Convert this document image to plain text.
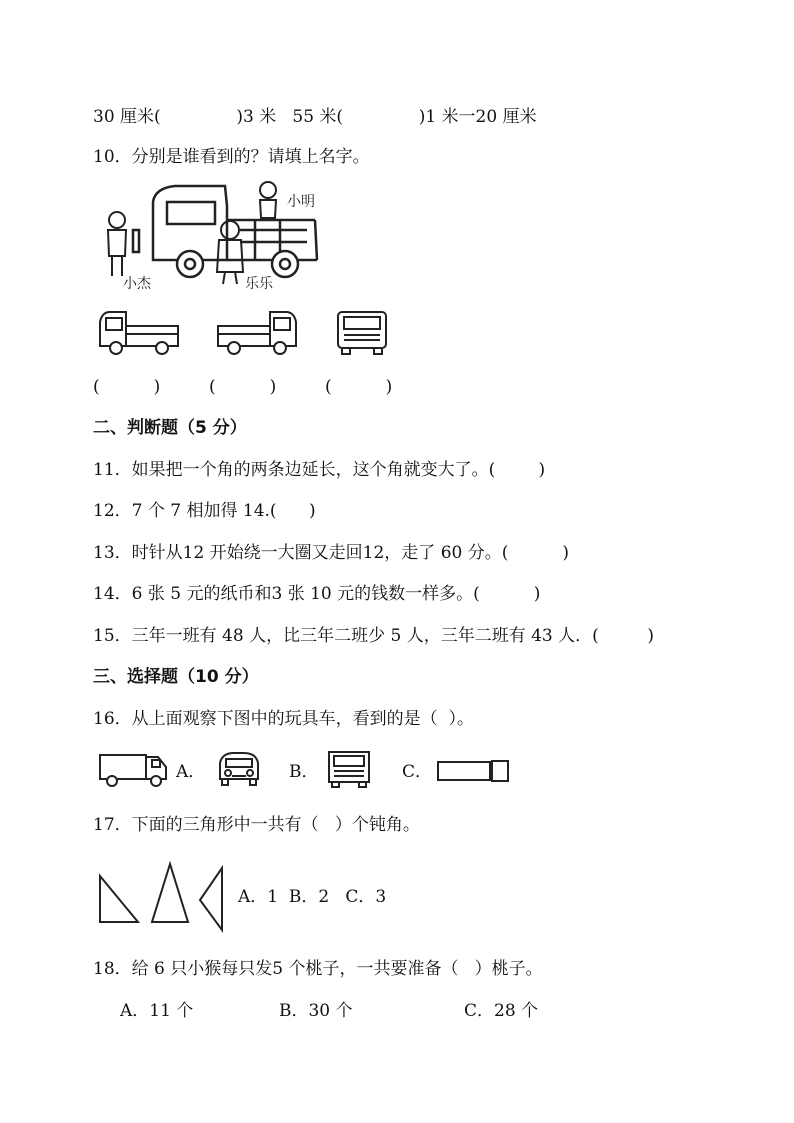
30 厘米(              )3 米   55 米(              )1 米一20 厘米
10．分别是谁看到的？请填上名字。
小明
小杰	乐乐
(          )	(          )	(          )
二、判断题（5 分）
11．如果把一个角的两条边延长，这个角就变大了。(        )
12．7 个 7 相加得 14.(      )
13．时针从12 开始绕一大圈又走回12，走了 60 分。(          )
14．6 张 5 元的纸币和3 张 10 元的钱数一样多。(          )
15．三年一班有 48 人，比三年二班少 5 人，三年二班有 43 人．(         )
三、选择题（10 分）
16．从上面观察下图中的玩具车，看到的是（  ）。
A．	B．	C．
17．下面的三角形中一共有（   ）个钝角。
A．1  B．2   C．3
18．给 6 只小猴每只发5 个桃子，一共要准备（   ）桃子。
A．11 个	B．30 个	C．28 个
